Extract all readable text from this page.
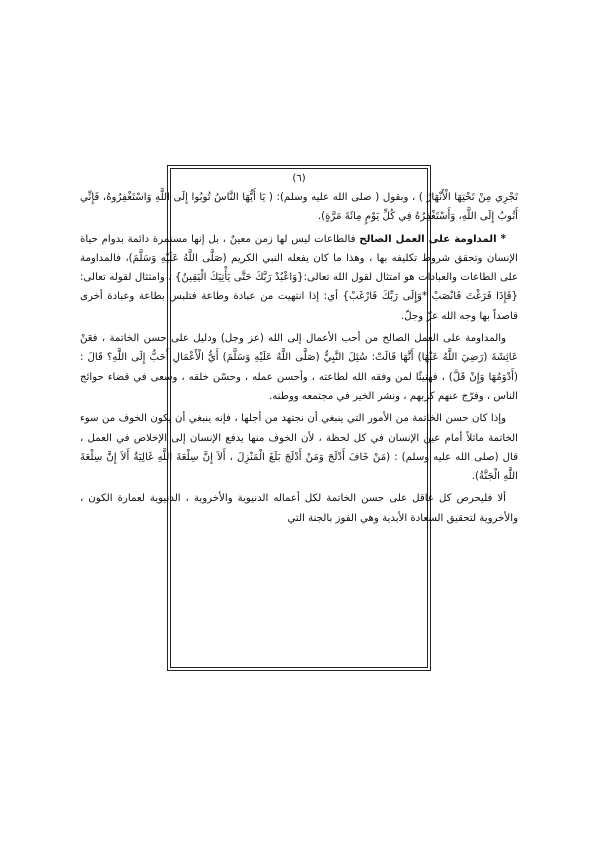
(٦)

تَجْرِي مِنْ تَحْتِهَا الْأَنْهَارُ ) ، وبقول ( صلى الله عليه وسلم): ( يَا أَيُّهَا النَّاسُ تُوبُوا إِلَى اللَّهِ وَاسْتَغْفِرُوهُ، فَإِنِّي أَتُوبُ إِلَى اللَّهِ، وَأَسْتَغْفِرُهُ فِي كُلِّ يَوْمٍ مِائَةَ مَرَّةٍ).

* المداومة على العمل الصالح فالطاعات ليس لها زمن معينٌ ، بل إنها مستمرة دائمة بدوام حياة الإنسان وتحقق شروط تكليفه بها ، وهذا ما كان يفعله النبي الكريم (صَلَّى اللَّهُ عَلَيْهِ وَسَلَّمَ)، فالمداومة على الطاعات والعبادات هو امتثال لقول الله تعالى:{وَاعْبُدْ رَبَّكَ حَتَّى يَأْتِيَكَ الْيَقِينُ} ، وامتثال لقوله تعالى: {فَإِذَا فَرَغْتَ فَانْصَبْ *وَإِلَى رَبِّكَ فَارْغَبْ} أي: إذا انتهيت من عبادة وطاعة فتلبس بطاعة وعبادة أخرى قاصداً بها وجه الله عزّ وجلّ.

والمداومة على العمل الصالح من أحب الأعمال إلى الله (عز وجل) ودليل على حسن الخاتمة ، فعَنْ عَائِشَةَ (رَضِيَ اللَّهُ عَنْهَا) أَنَّهَا قَالَتْ: سُئِلَ النَّبِيُّ (صَلَّى اللَّهُ عَلَيْهِ وَسَلَّمَ) أَيُّ الْأَعْمَالِ أَحَبُّ إِلَى اللَّهِ؟ قَالَ : (أَدْوَمُهَا وَإِنْ قَلَّ) ، فهنيئًا لمن وفقه الله لطاعته ، وأحسن عمله ، وحسّن خلقه ، وسعى في قضاء حوائج الناس ، وفرّج عنهم كربهم ، ونشر الخير في مجتمعه ووطنه.

وإذا كان حسن الخاتمة من الأمور التي ينبغي أن نجتهد من أجلها ، فإنه ينبغي أن يكون الخوف من سوء الخاتمة ماثلاً أمام عين الإنسان في كل لحظة ، لأن الخوف منها يدفع الإنسان إلى الإخلاص في العمل ، قال (صلى الله عليه وسلم) : (مَنْ خَافَ أَدْلَجَ وَمَنْ أَدْلَجَ بَلَغَ الْمَنْزِلَ ، أَلاَ إِنَّ سِلْعَةَ اللَّهِ غَالِيَةٌ أَلاَ إِنَّ سِلْعَةَ اللَّهِ الْجَنَّةُ).

ألا فليحرص كل عاقل على حسن الخاتمة لكل أعماله الدنيوية والأخروية ، الدنيوية لعمارة الكون ، والأخروية لتحقيق السعادة الأبدية وهي الفوز بالجنة التي
